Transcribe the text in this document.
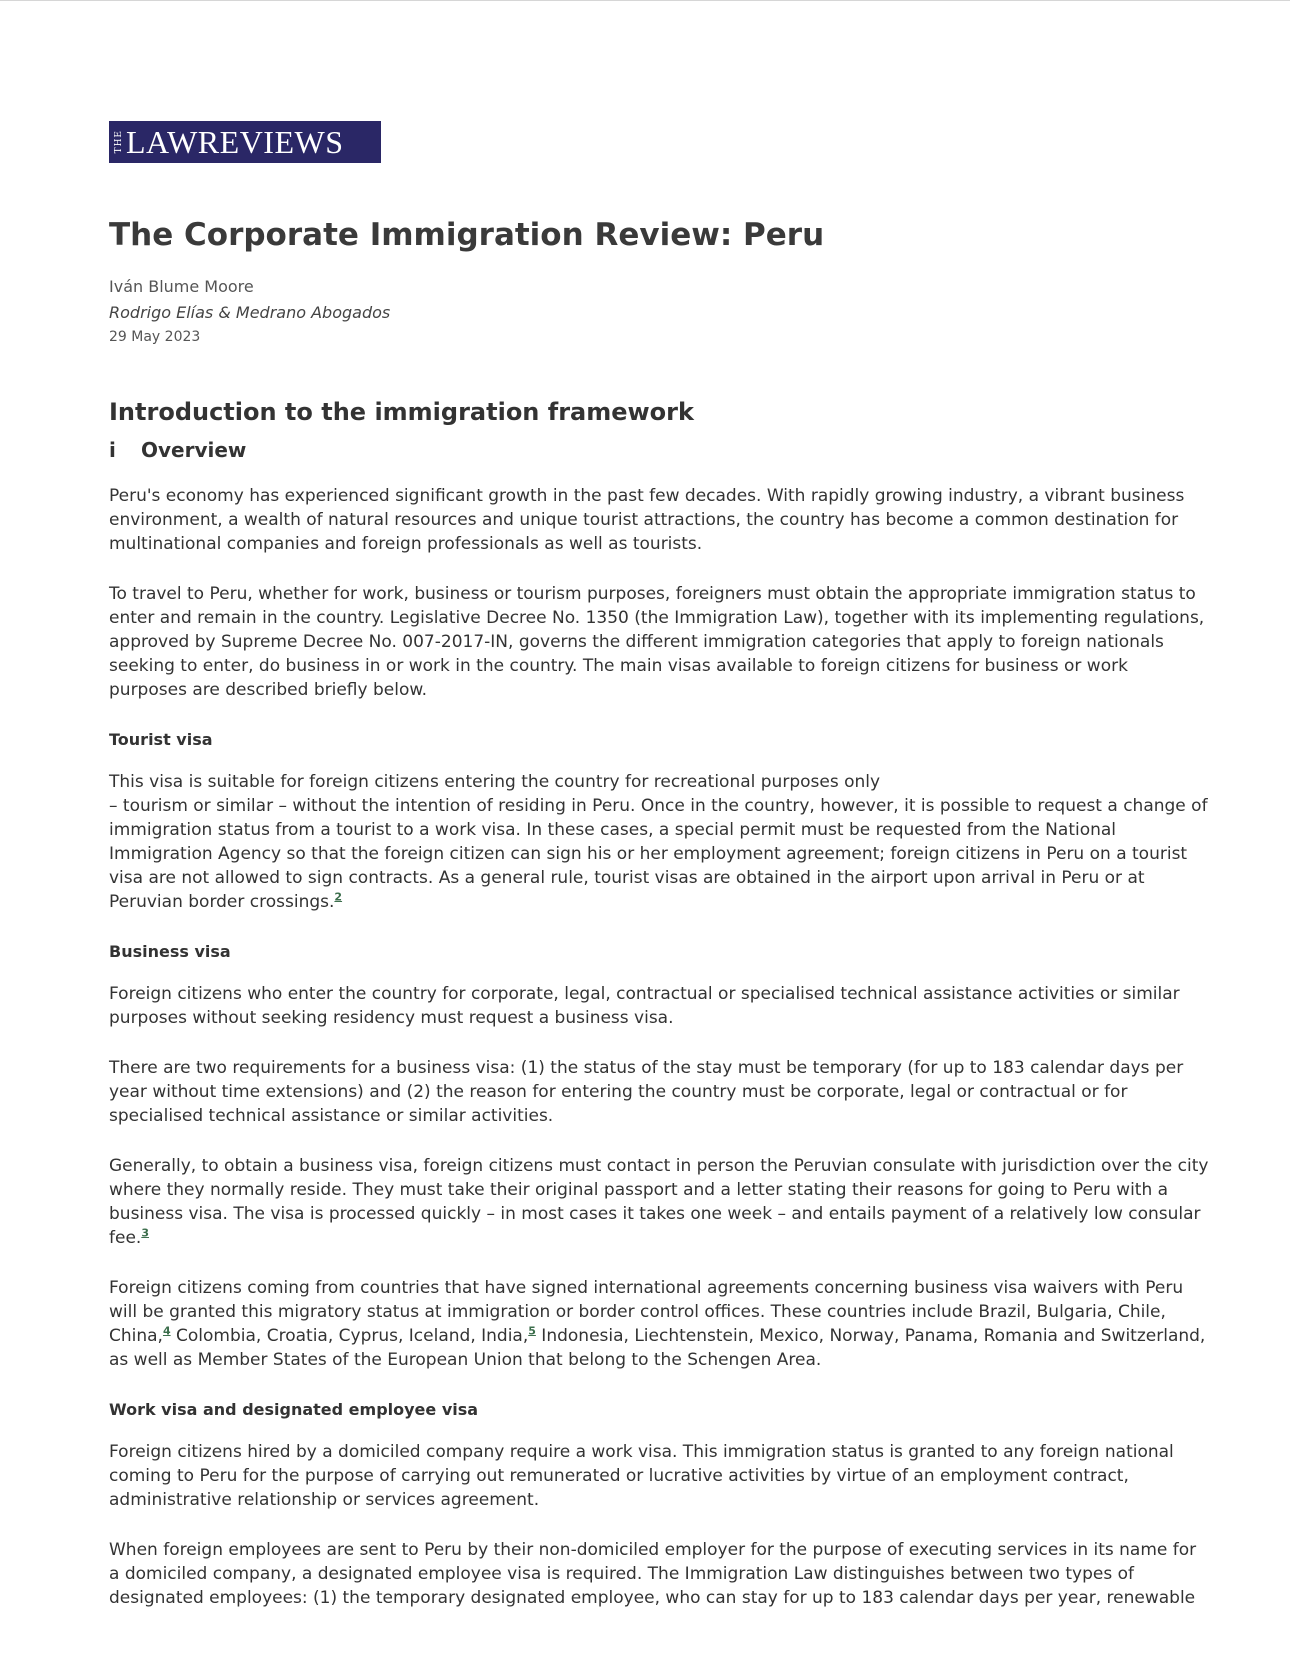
THE LAWREVIEWS
The Corporate Immigration Review: Peru
Iván Blume Moore
Rodrigo Elías & Medrano Abogados
29 May 2023
Introduction to the immigration framework
i Overview

Peru's economy has experienced significant growth in the past few decades. With rapidly growing industry, a vibrant business environment, a wealth of natural resources and unique tourist attractions, the country has become a common destination for multinational companies and foreign professionals as well as tourists.

To travel to Peru, whether for work, business or tourism purposes, foreigners must obtain the appropriate immigration status to enter and remain in the country. Legislative Decree No. 1350 (the Immigration Law), together with its implementing regulations, approved by Supreme Decree No. 007-2017-IN, governs the different immigration categories that apply to foreign nationals seeking to enter, do business in or work in the country. The main visas available to foreign citizens for business or work purposes are described briefly below.

Tourist visa

This visa is suitable for foreign citizens entering the country for recreational purposes only
– tourism or similar – without the intention of residing in Peru. Once in the country, however, it is possible to request a change of immigration status from a tourist to a work visa. In these cases, a special permit must be requested from the National Immigration Agency so that the foreign citizen can sign his or her employment agreement; foreign citizens in Peru on a tourist visa are not allowed to sign contracts. As a general rule, tourist visas are obtained in the airport upon arrival in Peru or at Peruvian border crossings.$^2$

Business visa

Foreign citizens who enter the country for corporate, legal, contractual or specialised technical assistance activities or similar purposes without seeking residency must request a business visa.

There are two requirements for a business visa: (1) the status of the stay must be temporary (for up to 183 calendar days per year without time extensions) and (2) the reason for entering the country must be corporate, legal or contractual or for specialised technical assistance or similar activities.

Generally, to obtain a business visa, foreign citizens must contact in person the Peruvian consulate with jurisdiction over the city where they normally reside. They must take their original passport and a letter stating their reasons for going to Peru with a business visa. The visa is processed quickly – in most cases it takes one week – and entails payment of a relatively low consular fee.$^3$

Foreign citizens coming from countries that have signed international agreements concerning business visa waivers with Peru will be granted this migratory status at immigration or border control offices. These countries include Brazil, Bulgaria, Chile, China,$^4$ Colombia, Croatia, Cyprus, Iceland, India,$^5$ Indonesia, Liechtenstein, Mexico, Norway, Panama, Romania and Switzerland, as well as Member States of the European Union that belong to the Schengen Area.

Work visa and designated employee visa

Foreign citizens hired by a domiciled company require a work visa. This immigration status is granted to any foreign national coming to Peru for the purpose of carrying out remunerated or lucrative activities by virtue of an employment contract, administrative relationship or services agreement.

When foreign employees are sent to Peru by their non-domiciled employer for the purpose of executing services in its name for a domiciled company, a designated employee visa is required. The Immigration Law distinguishes between two types of designated employees: (1) the temporary designated employee, who can stay for up to 183 calendar days per year, renewable
